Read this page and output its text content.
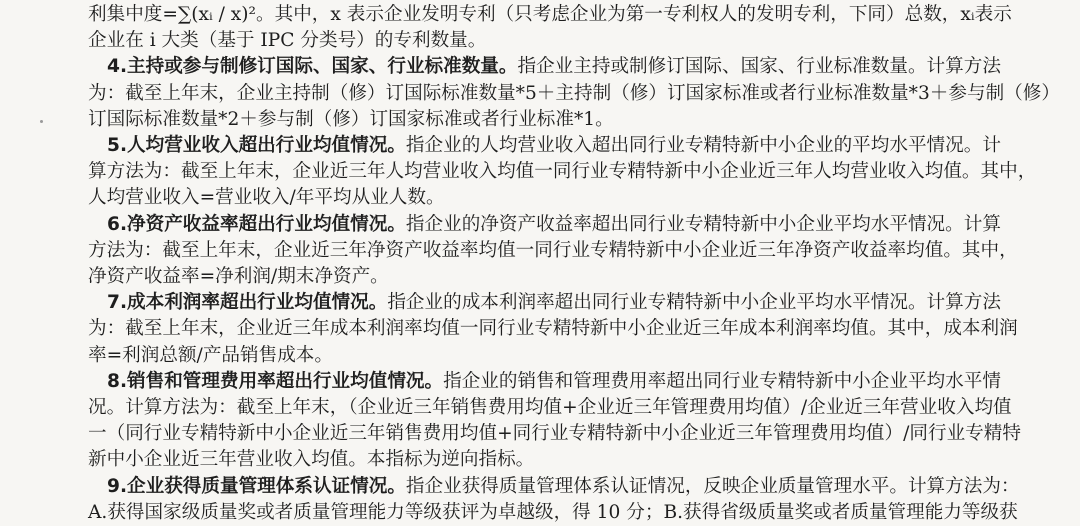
利集中度=∑(xᵢ / x)²。其中，x 表示企业发明专利（只考虑企业为第一专利权人的发明专利，下同）总数，xᵢ表示
企业在 i 大类（基于 IPC 分类号）的专利数量。

4.主持或参与制修订国际、国家、行业标准数量。指企业主持或制修订国际、国家、行业标准数量。计算方法
为：截至上年末，企业主持制（修）订国际标准数量*5＋主持制（修）订国家标准或者行业标准数量*3＋参与制（修）
订国际标准数量*2＋参与制（修）订国家标准或者行业标准*1。

5.人均营业收入超出行业均值情况。指企业的人均营业收入超出同行业专精特新中小企业的平均水平情况。计
算方法为：截至上年末，企业近三年人均营业收入均值一同行业专精特新中小企业近三年人均营业收入均值。其中，
人均营业收入=营业收入/年平均从业人数。

6.净资产收益率超出行业均值情况。指企业的净资产收益率超出同行业专精特新中小企业平均水平情况。计算
方法为：截至上年末，企业近三年净资产收益率均值一同行业专精特新中小企业近三年净资产收益率均值。其中，
净资产收益率=净利润/期末净资产。

7.成本利润率超出行业均值情况。指企业的成本利润率超出同行业专精特新中小企业平均水平情况。计算方法
为：截至上年末，企业近三年成本利润率均值一同行业专精特新中小企业近三年成本利润率均值。其中，成本利润
率=利润总额/产品销售成本。

8.销售和管理费用率超出行业均值情况。指企业的销售和管理费用率超出同行业专精特新中小企业平均水平情
况。计算方法为：截至上年末，（企业近三年销售费用均值+企业近三年管理费用均值）/企业近三年营业收入均值
一（同行业专精特新中小企业近三年销售费用均值+同行业专精特新中小企业近三年管理费用均值）/同行业专精特
新中小企业近三年营业收入均值。本指标为逆向指标。

9.企业获得质量管理体系认证情况。指企业获得质量管理体系认证情况，反映企业质量管理水平。计算方法为：
A.获得国家级质量奖或者质量管理能力等级获评为卓越级，得 10 分；B.获得省级质量奖或者质量管理能力等级获
